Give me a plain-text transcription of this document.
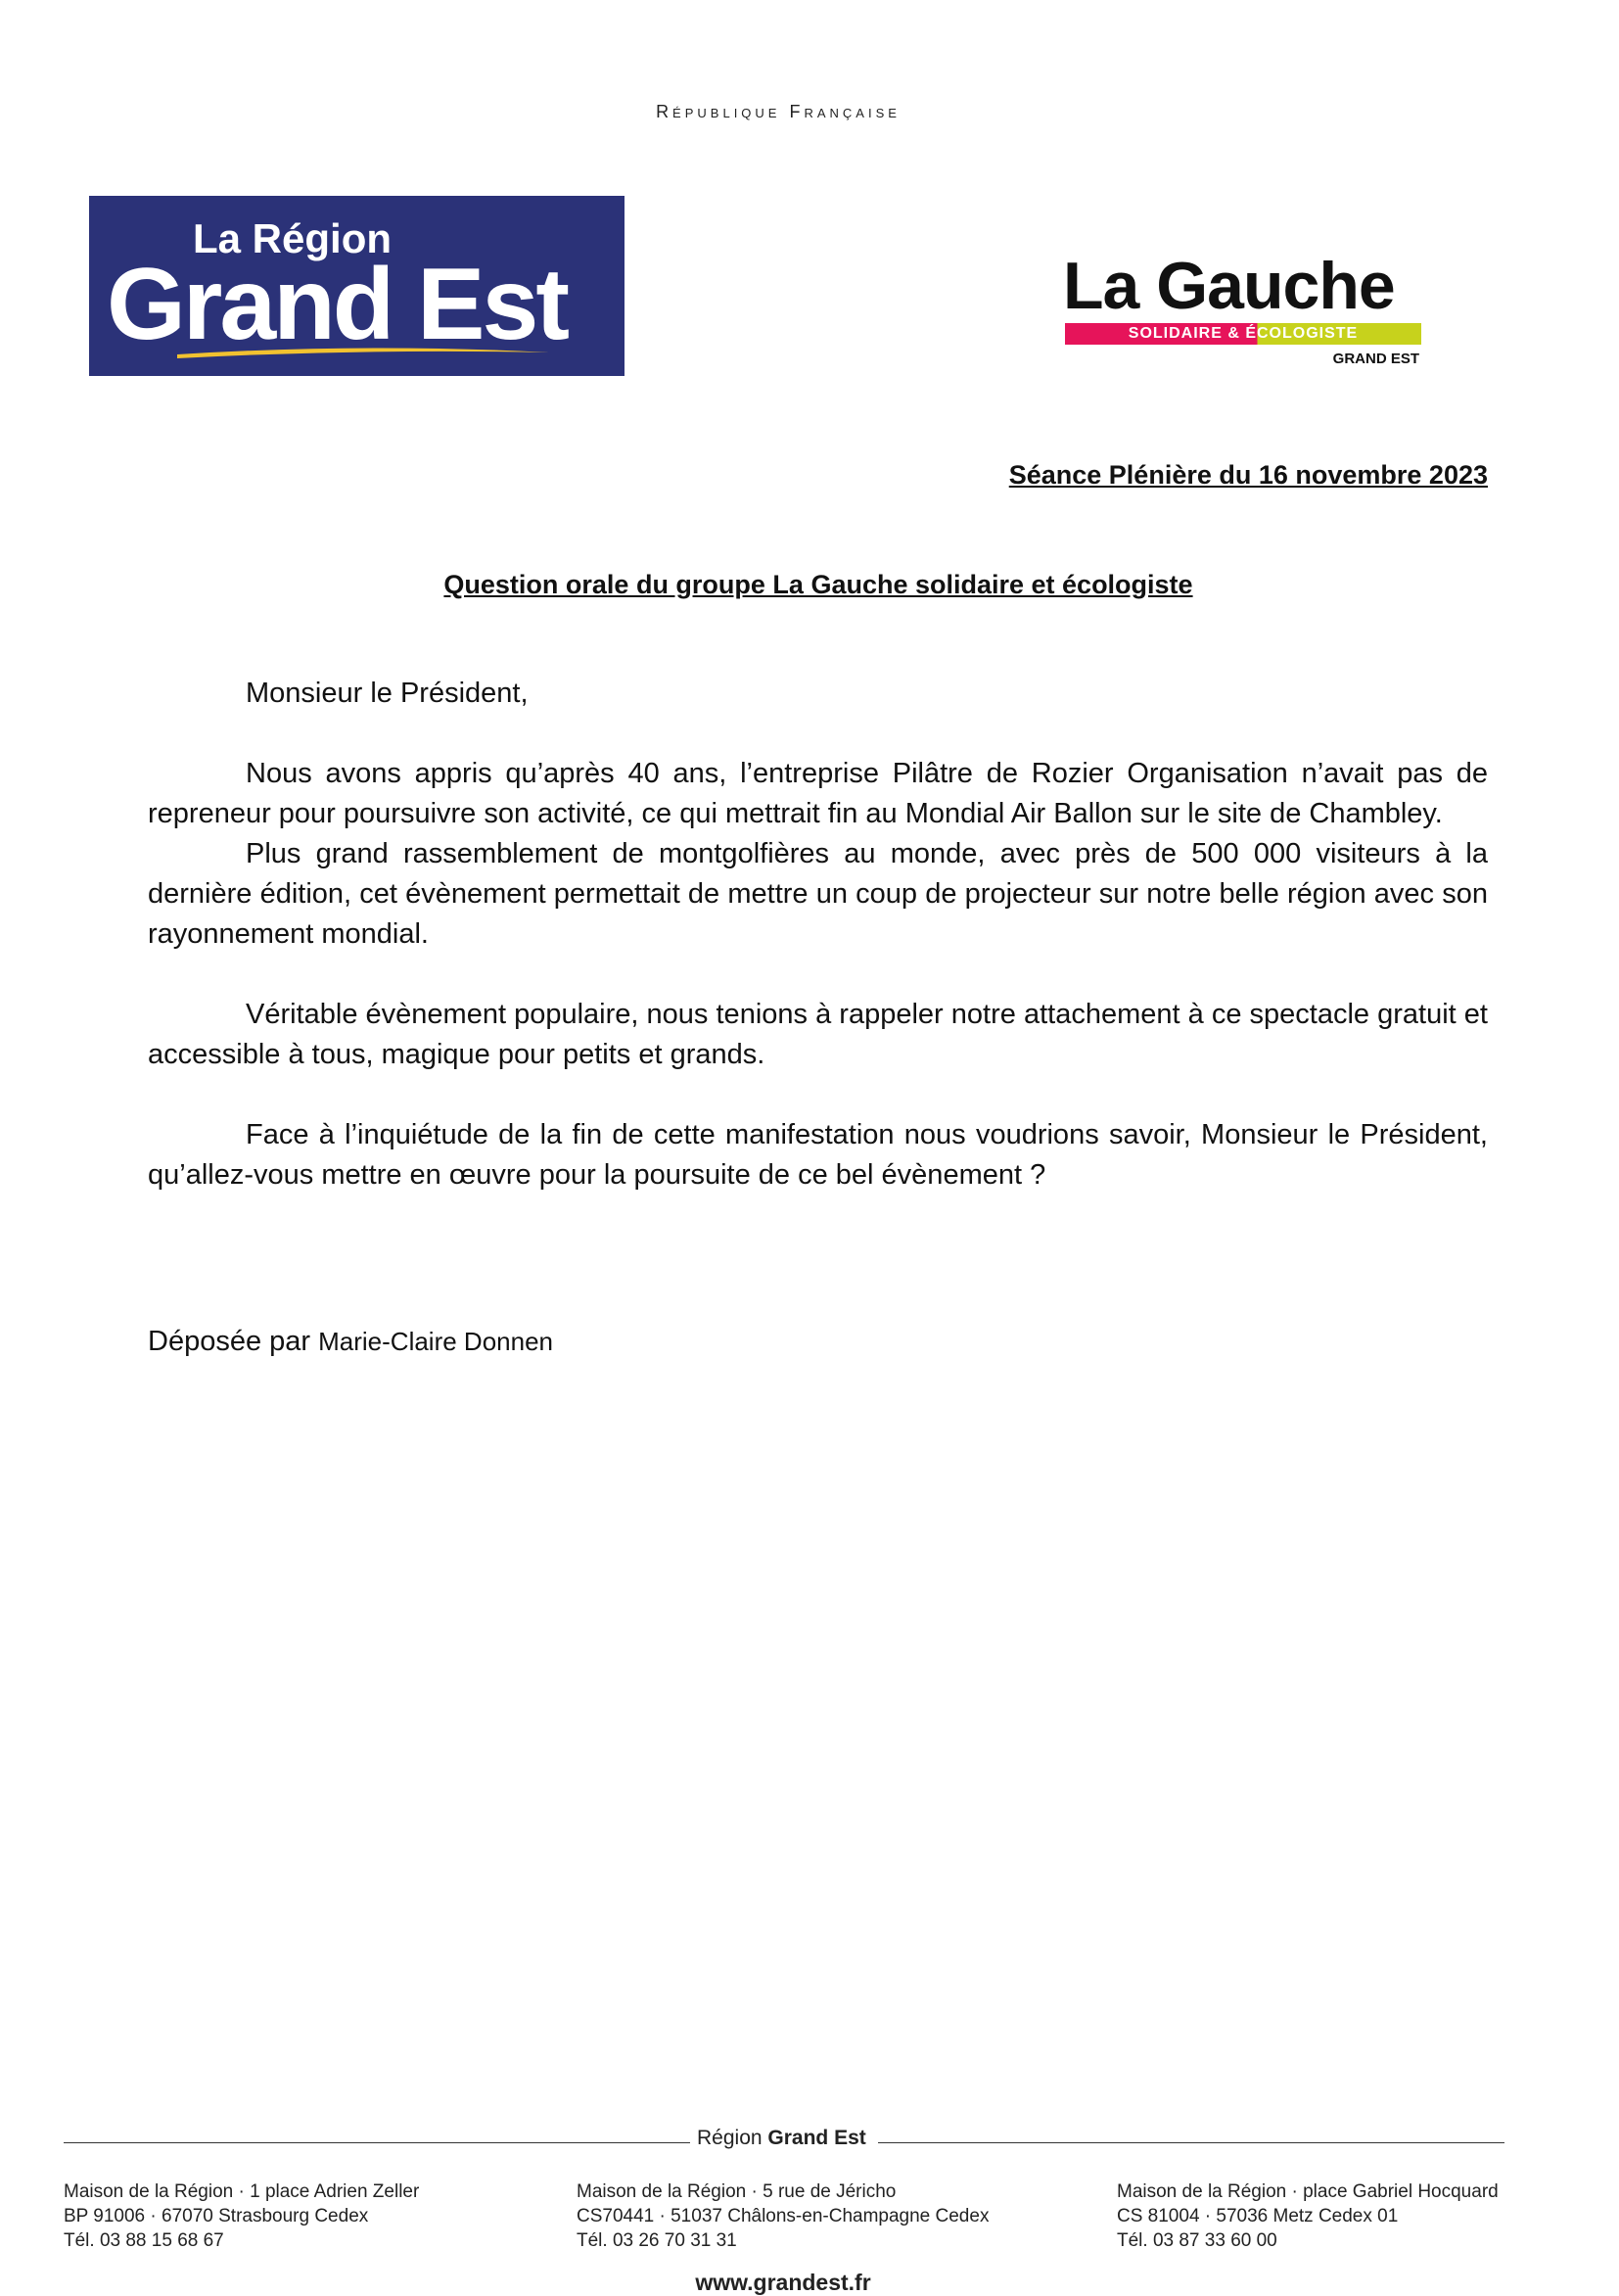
République Française
La Région
Grand Est	La Gauche
SOLIDAIRE & ÉCOLOGISTE
GRAND EST
Séance Plénière du 16 novembre 2023
Question orale du groupe La Gauche solidaire et écologiste

Monsieur le Président,

Nous avons appris qu’après 40 ans, l’entreprise Pilâtre de Rozier Organisation n’avait pas de repreneur pour poursuivre son activité, ce qui mettrait fin au Mondial Air Ballon sur le site de Chambley.

Plus grand rassemblement de montgolfières au monde, avec près de 500 000 visiteurs à la dernière édition, cet évènement permettait de mettre un coup de projecteur sur notre belle région avec son rayonnement mondial.

Véritable évènement populaire, nous tenions à rappeler notre attachement à ce spectacle gratuit et accessible à tous, magique pour petits et grands.

Face à l’inquiétude de la fin de cette manifestation nous voudrions savoir, Monsieur le Président, qu’allez-vous mettre en œuvre pour la poursuite de ce bel évènement ?

Déposée par Marie-Claire Donnen
Région Grand Est
Maison de la Région · 1 place Adrien Zeller
BP 91006 · 67070 Strasbourg Cedex
Tél. 03 88 15 68 67
Maison de la Région · 5 rue de Jéricho
CS70441 · 51037 Châlons-en-Champagne Cedex
Tél. 03 26 70 31 31
Maison de la Région · place Gabriel Hocquard
CS 81004 · 57036 Metz Cedex 01
Tél. 03 87 33 60 00
www.grandest.fr
